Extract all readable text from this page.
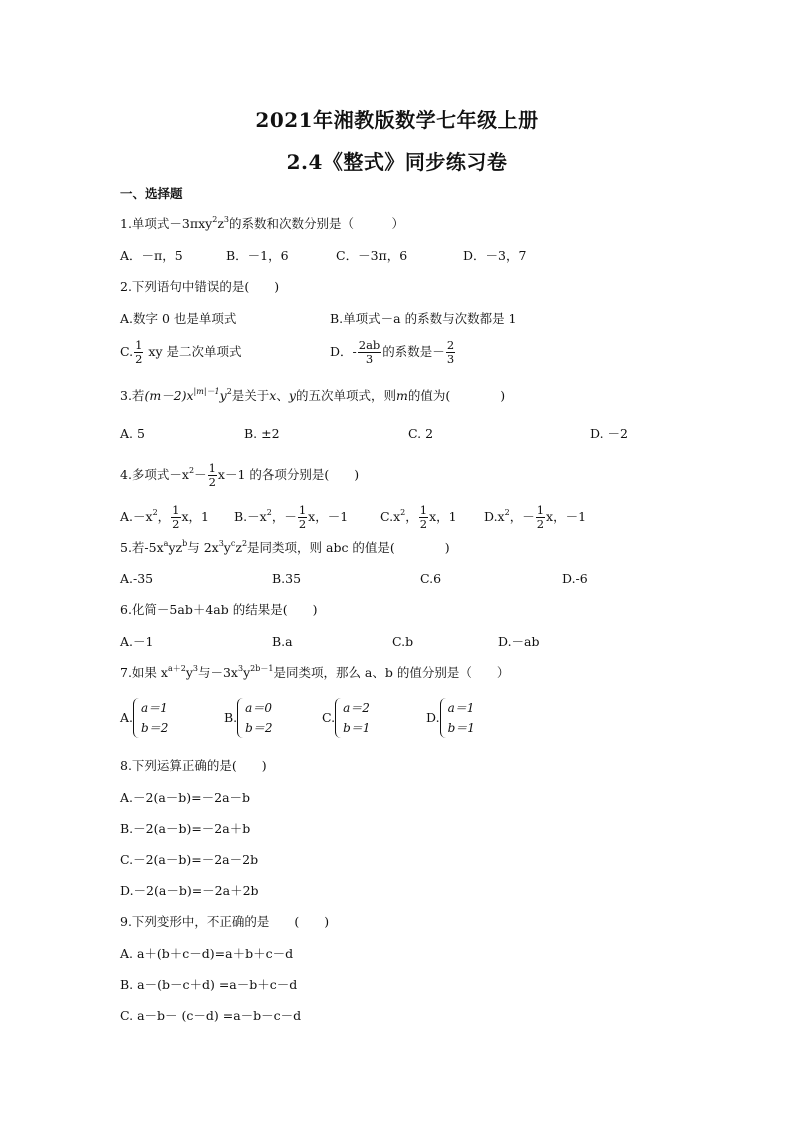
2021年湘教版数学七年级上册
2.4《整式》同步练习卷
一、选择题
1.单项式$-3\pi xy^2z^3$的系数和次数分别是（　　　）
A．－π，5	B．－1，6	C．－3π，6	D．－3，7
2.下列语句中错误的是(　　)
A.数字 0 也是单项式	B.单项式－a 的系数与次数都是 1
C. $\frac{1}{2}$ xy 是二次单项式	D．- $\frac{2ab}{3}$ 的系数是－ $\frac{2}{3}$
3.若$(m-2)x^{|m|-1}y^2$是关于x、y的五次单项式，则m的值为(　　　　)
A. 5	B. ±2	C. 2	D. －2
4.多项式$-x^2- \frac{1}{2} x-1$ 的各项分别是(　　)
$A.-x^2$， $\frac{1}{2}$ x，1 $B.-x^2$，－ $\frac{1}{2}$ x，－1	$C.x^2$， $\frac{1}{2}$ x，1 $D.x^2$，－ $\frac{1}{2}$ x，－1
5.若$-5x^ayz^b$与 $2x^3y^cz^2$是同类项，则 abc 的值是(　　　　)
A.-35	B.35	C.6	D.-6
6.化简－5ab＋4ab 的结果是(　　)
A.－1	B.a	C.b	D.－ab
7.如果 $x^{a+2}y^3$与$-3x^3y^{2b-1}$是同类项，那么 a、b 的值分别是（　　）
A.
a＝1
b＝2
B.
a＝0
b＝2
C.
a＝2
b＝1
D.
a＝1
b＝1
8.下列运算正确的是(　　)
A.－2(a－b)=－2a－b
B.－2(a－b)=－2a＋b
C.－2(a－b)=－2a－2b
D.－2(a－b)=－2a＋2b
9.下列变形中，不正确的是　　(　　)
A. a＋(b＋c－d)=a＋b＋c－d
B. a－(b－c＋d) =a－b＋c－d
C. a－b－ (c－d) =a－b－c－d
